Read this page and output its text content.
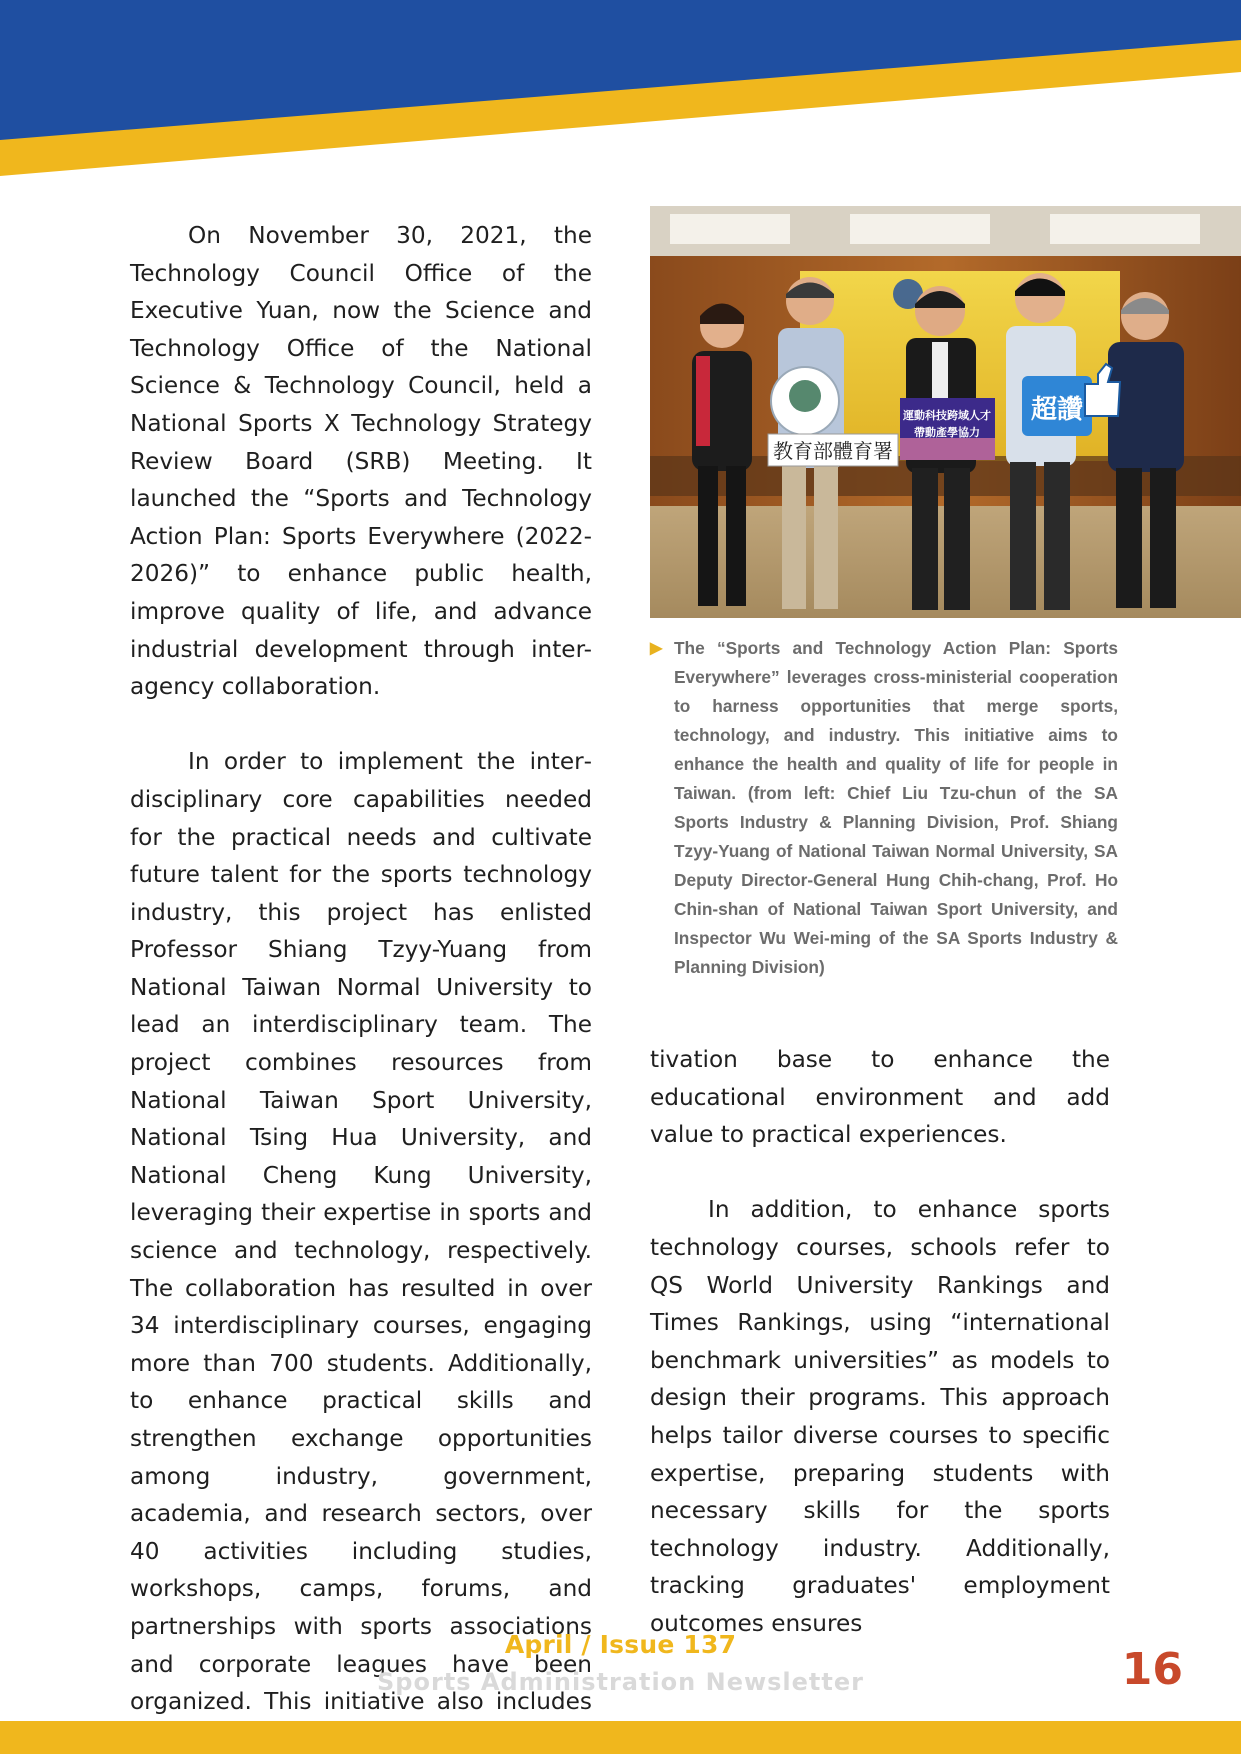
On November 30, 2021, the Technology Council Office of the Executive Yuan, now the Science and Technology Office of the National Science & Technology Council, held a National Sports X Technology Strategy Review Board (SRB) Meeting. It launched the “Sports and Technology Action Plan: Sports Everywhere (2022-2026)” to enhance public health, improve quality of life, and advance industrial development through inter-agency collaboration.

In order to implement the interdisciplinary core capabilities needed for the practical needs and cultivate future talent for the sports technology industry, this project has enlisted Professor Shiang Tzyy-Yuang from National Taiwan Normal University to lead an interdisciplinary team. The project combines resources from National Taiwan Sport University, National Tsing Hua University, and National Cheng Kung University, leveraging their expertise in sports and science and technology, respectively. The collaboration has resulted in over 34 interdisciplinary courses, engaging more than 700 students. Additionally, to enhance practical skills and strengthen exchange opportunities among industry, government, academia, and research sectors, over 40 activities including studies, workshops, camps, forums, and partnerships with sports associations and corporate leagues have been organized. This initiative also includes

教育部體育署
運動科技跨域人才
帶動產學協力
超讚
▶ The “Sports and Technology Action Plan: Sports Everywhere” leverages cross-ministerial cooperation to harness opportunities that merge sports, technology, and industry. This initiative aims to enhance the health and quality of life for people in Taiwan. (from left: Chief Liu Tzu-chun of the SA Sports Industry & Planning Division, Prof. Shiang Tzyy-Yuang of National Taiwan Normal University, SA Deputy Director-General Hung Chih-chang, Prof. Ho Chin-shan of National Taiwan Sport University, and Inspector Wu Wei-ming of the SA Sports Industry & Planning Division)

tivation base to enhance the educational environment and add value to practical experiences.

In addition, to enhance sports technology courses, schools refer to QS World University Rankings and Times Rankings, using “international benchmark universities” as models to design their programs. This approach helps tailor diverse courses to specific expertise, preparing students with necessary skills for the sports technology industry. Additionally, tracking graduates' employment outcomes ensures

April / Issue 137
Sports Administration Newsletter	16
